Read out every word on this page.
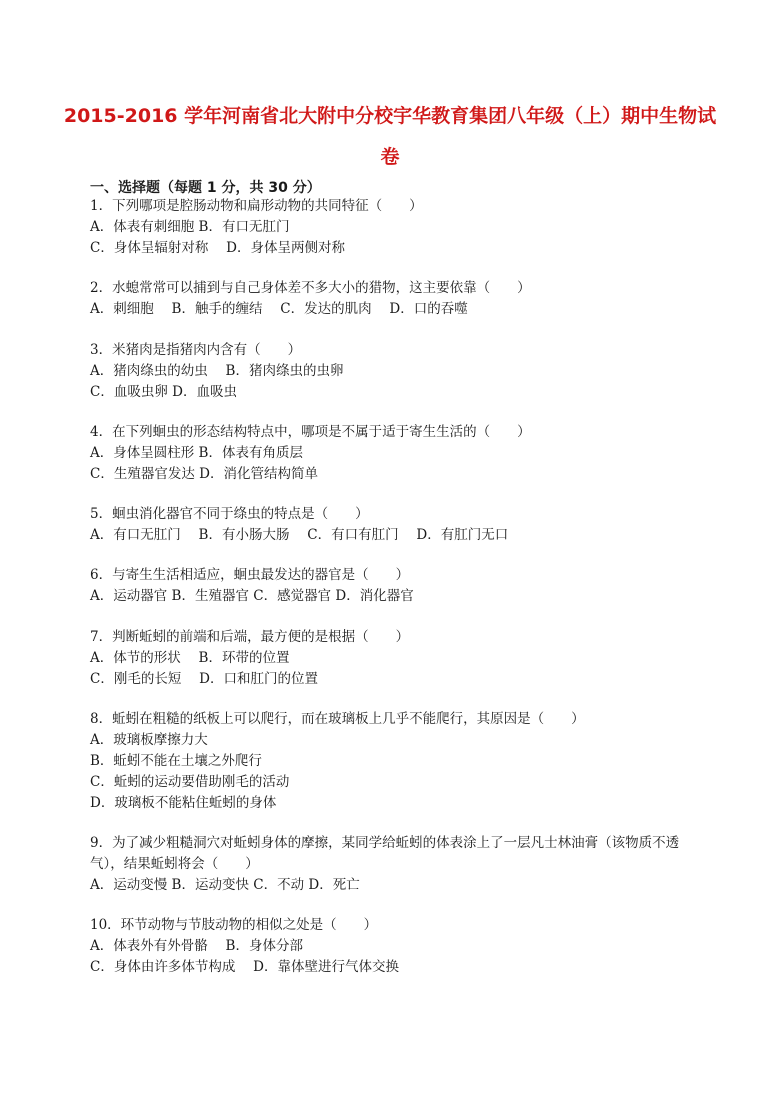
2015-2016 学年河南省北大附中分校宇华教育集团八年级（上）期中生物试
卷
一、选择题（每题 1 分，共 30 分）
1．下列哪项是腔肠动物和扁形动物的共同特征（　　）
A．体表有刺细胞 B．有口无肛门
C．身体呈辐射对称　 D．身体呈两侧对称
2．水螅常常可以捕到与自己身体差不多大小的猎物，这主要依靠（　　）
A．刺细胞　 B．触手的缠结　 C．发达的肌肉　 D．口的吞噬
3．米猪肉是指猪肉内含有（　　）
A．猪肉绦虫的幼虫　 B．猪肉绦虫的虫卵
C．血吸虫卵 D．血吸虫
4．在下列蛔虫的形态结构特点中，哪项是不属于适于寄生生活的（　　）
A．身体呈圆柱形 B．体表有角质层
C．生殖器官发达 D．消化管结构简单
5．蛔虫消化器官不同于绦虫的特点是（　　）
A．有口无肛门　 B．有小肠大肠　 C．有口有肛门　 D．有肛门无口
6．与寄生生活相适应，蛔虫最发达的器官是（　　）
A．运动器官 B．生殖器官 C．感觉器官 D．消化器官
7．判断蚯蚓的前端和后端，最方便的是根据（　　）
A．体节的形状　 B．环带的位置
C．刚毛的长短　 D．口和肛门的位置
8．蚯蚓在粗糙的纸板上可以爬行，而在玻璃板上几乎不能爬行，其原因是（　　）
A．玻璃板摩擦力大
B．蚯蚓不能在土壤之外爬行
C．蚯蚓的运动要借助刚毛的活动
D．玻璃板不能粘住蚯蚓的身体
9．为了减少粗糙洞穴对蚯蚓身体的摩擦，某同学给蚯蚓的体表涂上了一层凡士林油膏（该物质不透
气），结果蚯蚓将会（　　）
A．运动变慢 B．运动变快 C．不动 D．死亡
10．环节动物与节肢动物的相似之处是（　　）
A．体表外有外骨骼　 B．身体分部
C．身体由许多体节构成　 D．靠体壁进行气体交换
